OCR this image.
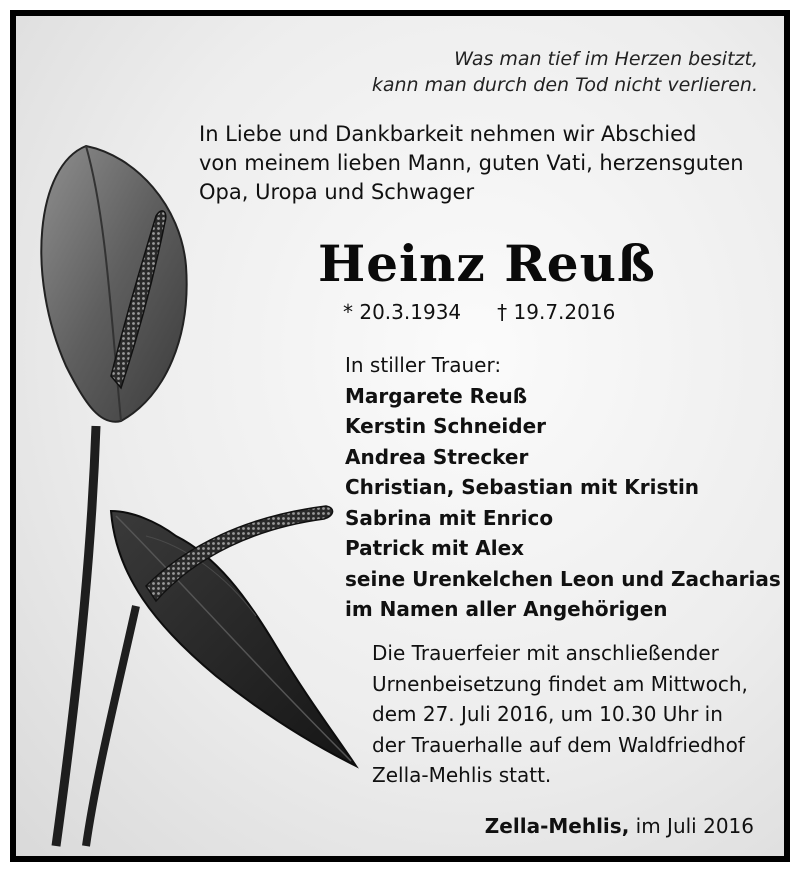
Was man tief im Herzen besitzt,
kann man durch den Tod nicht verlieren.
In Liebe und Dankbarkeit nehmen wir Abschied
von meinem lieben Mann, guten Vati, herzensguten
Opa, Uropa und Schwager
Heinz Reuß
* 20.3.1934 † 19.7.2016
In stiller Trauer:
Margarete Reuß
Kerstin Schneider
Andrea Strecker
Christian, Sebastian mit Kristin
Sabrina mit Enrico
Patrick mit Alex
seine Urenkelchen Leon und Zacharias
im Namen aller Angehörigen
Die Trauerfeier mit anschließender
Urnenbeisetzung findet am Mittwoch,
dem 27. Juli 2016, um 10.30 Uhr in
der Trauerhalle auf dem Waldfriedhof
Zella-Mehlis statt.
Zella-Mehlis, im Juli 2016
